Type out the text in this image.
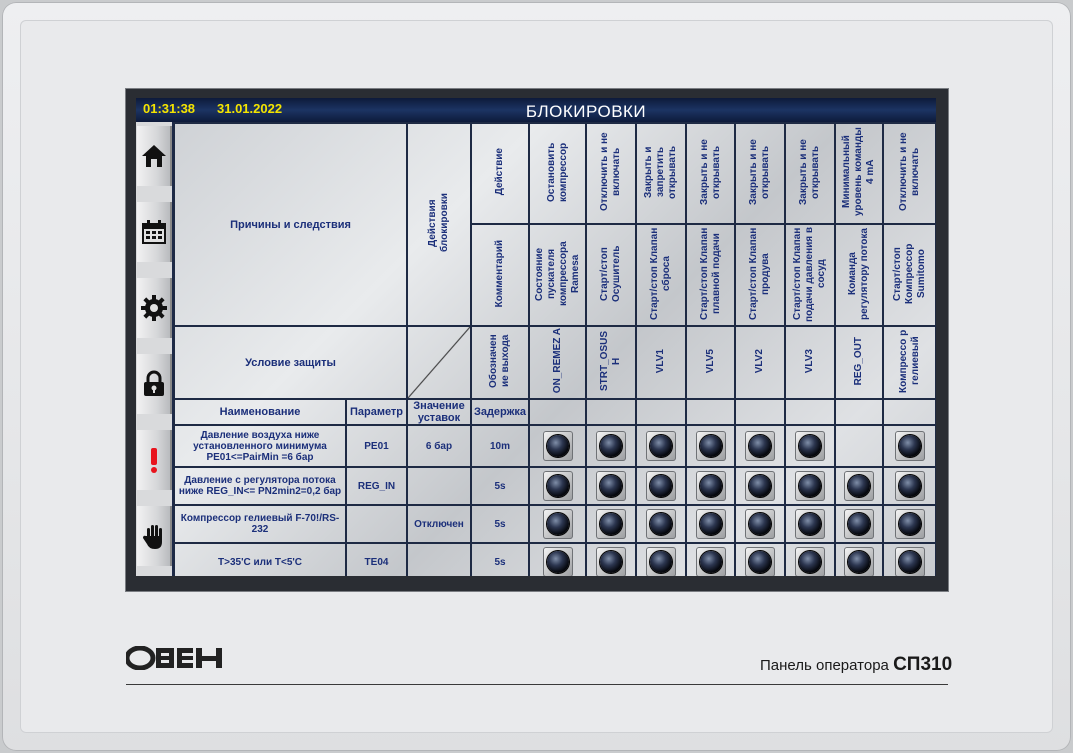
01:31:38 31.01.2022	БЛОКИРОВКИ
Причины и следствия		Действия блокировки	Действие	Остановить компрессор	Отключить и не включать	Закрыть и запретить открывать	Закрыть и не открывать	Закрыть и не открывать	Закрыть и не открывать	Минимальный уровень команды 4 mA	Отключить и не включать
			Комментарий	Состояние пускателя компрессора Ramesa	Старт/стоп Осушитель	Старт/стоп Клапан сброса	Старт/стоп Клапан плавной подачи	Старт/стоп Клапан продува	Старт/стоп Клапан подачи давления в сосуд	Команда регулятору потока	Старт/стоп Компрессор Sumitomo
Условие защиты			Обозначен ие выхода	ON_REMEZ A	STRT_OSUS H	VLV1	VLV5	VLV2	VLV3	REG_OUT	Компрессо р гелиевый
Наименование	Параметр	Значение уставок	Задержка								
Давление воздуха ниже установленного минимума PE01<=PairMin =6 бар	PE01	6 бар	10m	

Давление с регулятора потока ниже REG_IN<= PN2min2=0,2 бар	REG_IN		5s	

Компрессор гелиевый F-70!/RS-232		Отключен	5s	

T>35'C или T<5'C	TE04		5s	

Панель оператора СП310
